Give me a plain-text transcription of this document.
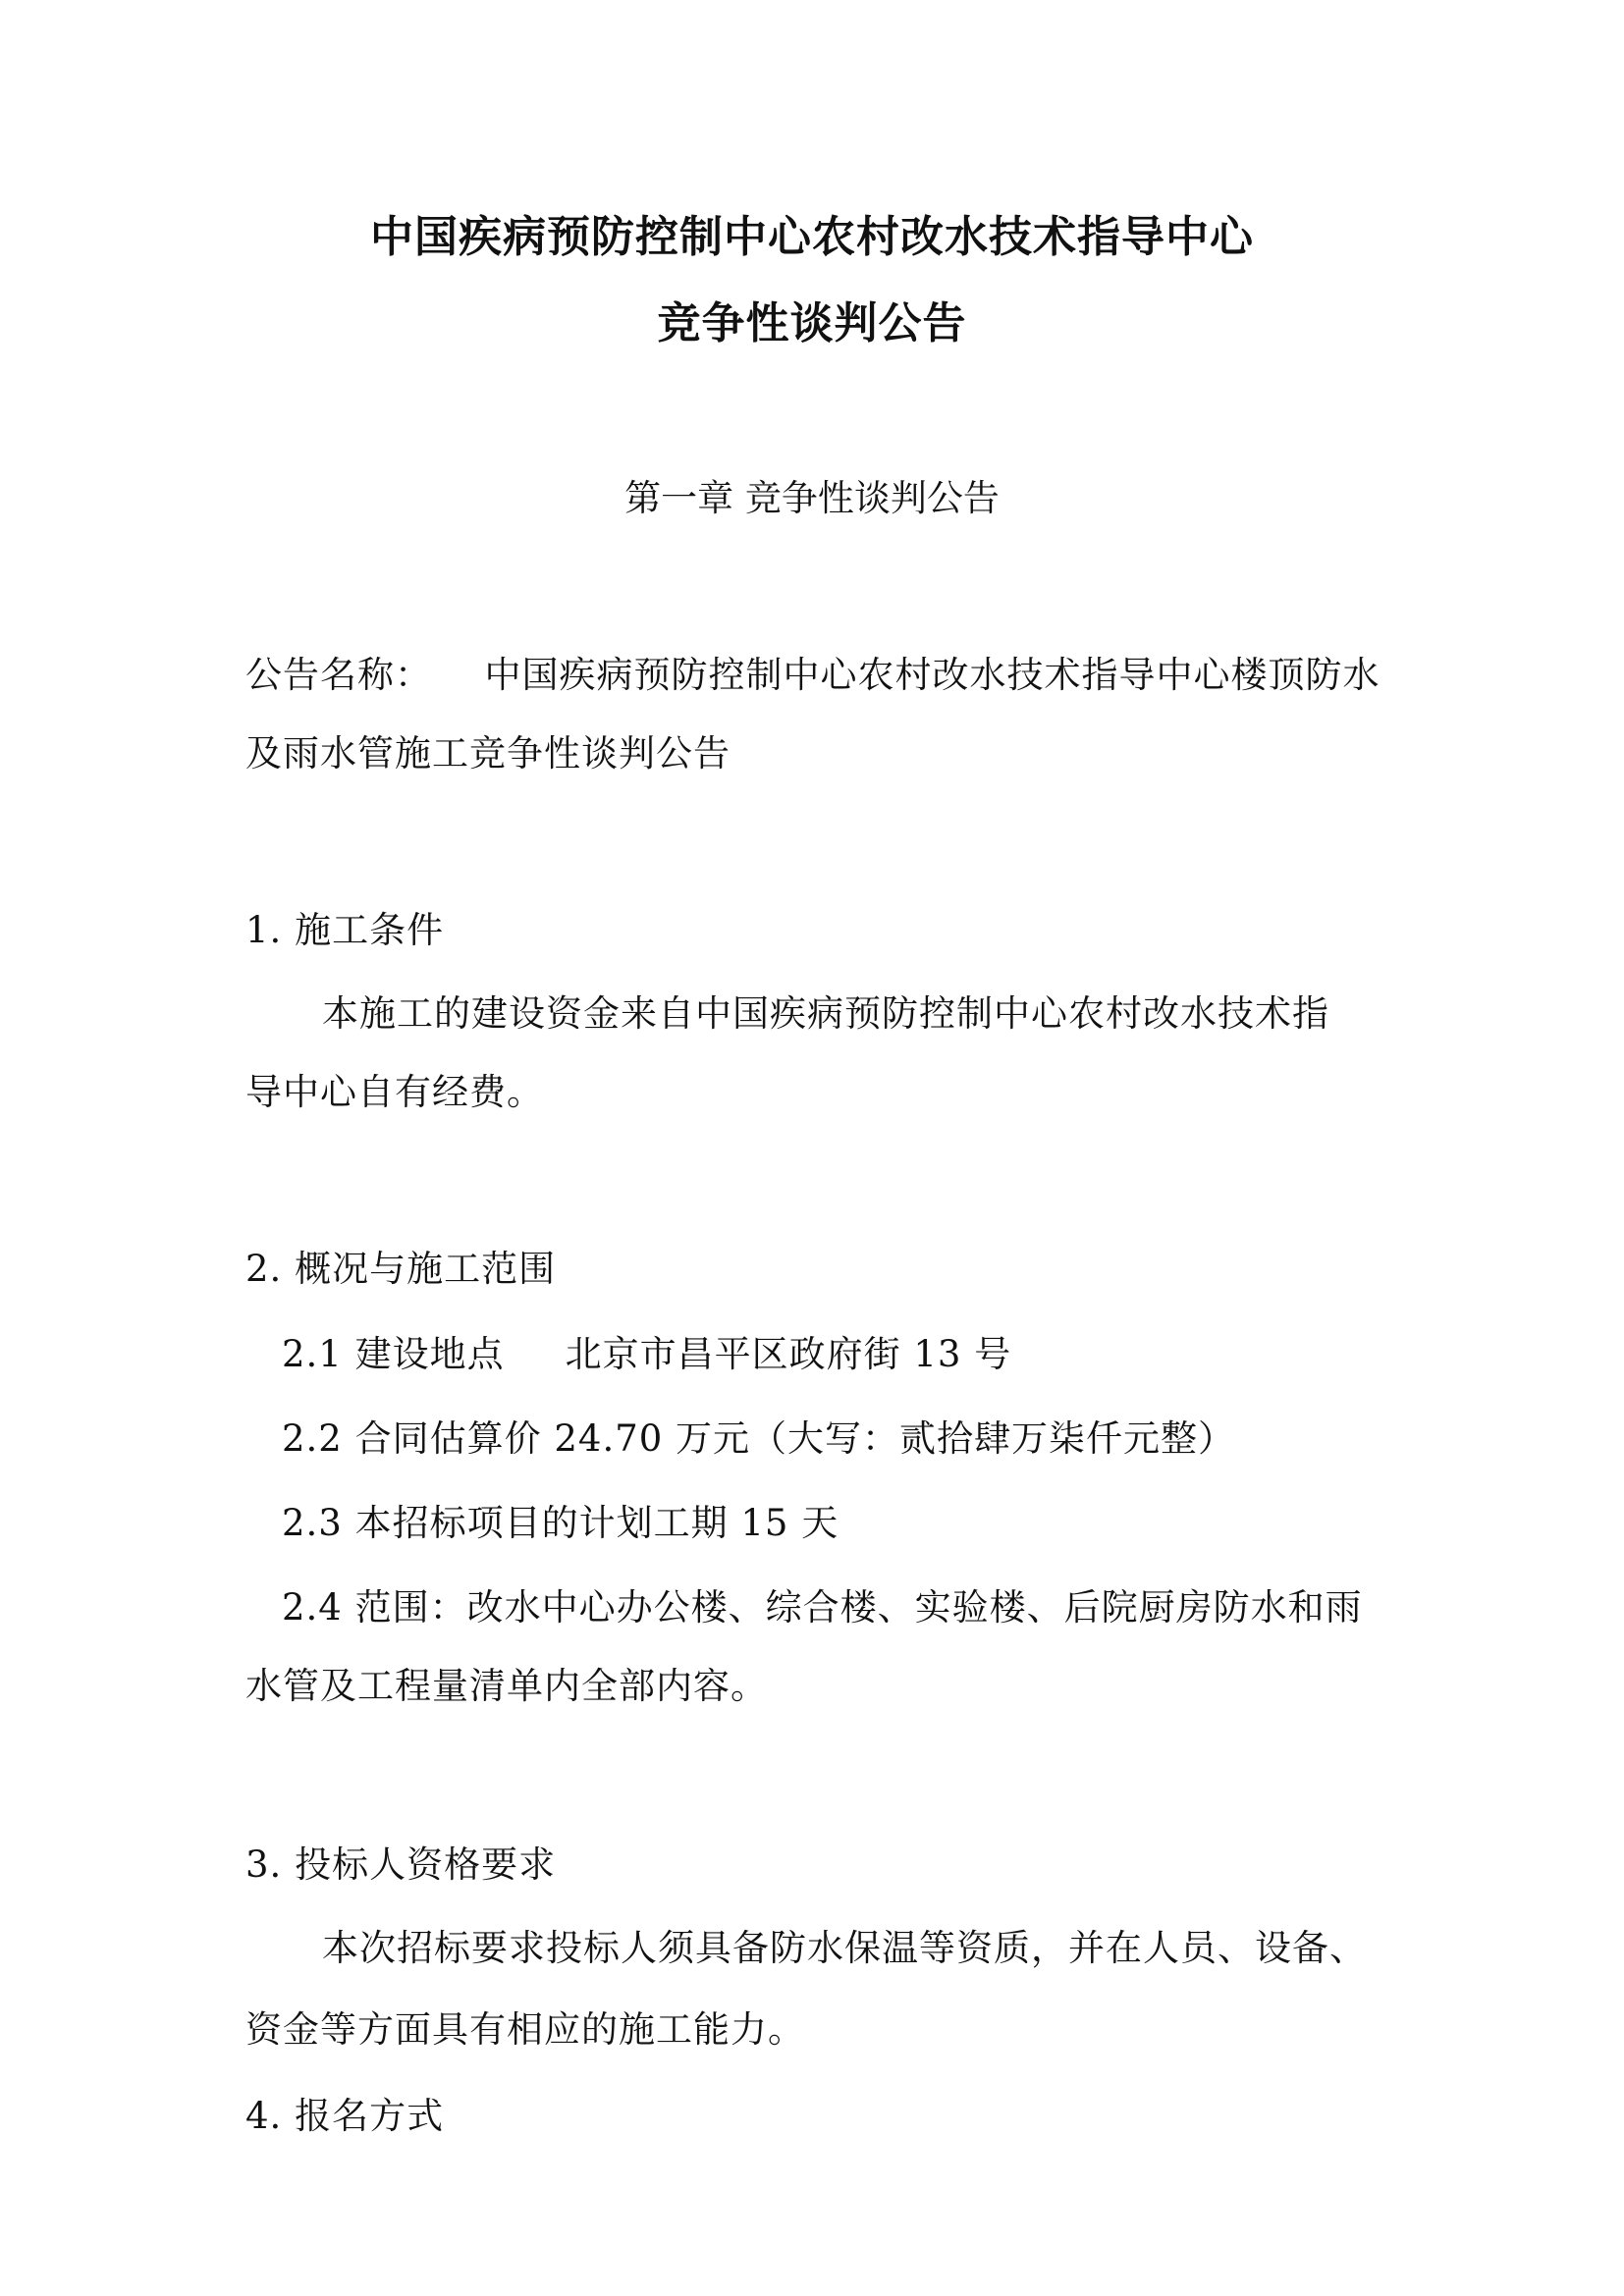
中国疾病预防控制中心农村改水技术指导中心
竞争性谈判公告
第一章 竞争性谈判公告
公告名称： 中国疾病预防控制中心农村改水技术指导中心楼顶防水
及雨水管施工竞争性谈判公告
1. 施工条件
本施工的建设资金来自中国疾病预防控制中心农村改水技术指
导中心自有经费。
2. 概况与施工范围
2.1 建设地点 北京市昌平区政府街 13 号
2.2 合同估算价 24.70 万元（大写：贰拾肆万柒仟元整）
2.3 本招标项目的计划工期 15 天
2.4 范围：改水中心办公楼、综合楼、实验楼、后院厨房防水和雨
水管及工程量清单内全部内容。
3. 投标人资格要求
本次招标要求投标人须具备防水保温等资质，并在人员、设备、
资金等方面具有相应的施工能力。
4. 报名方式
